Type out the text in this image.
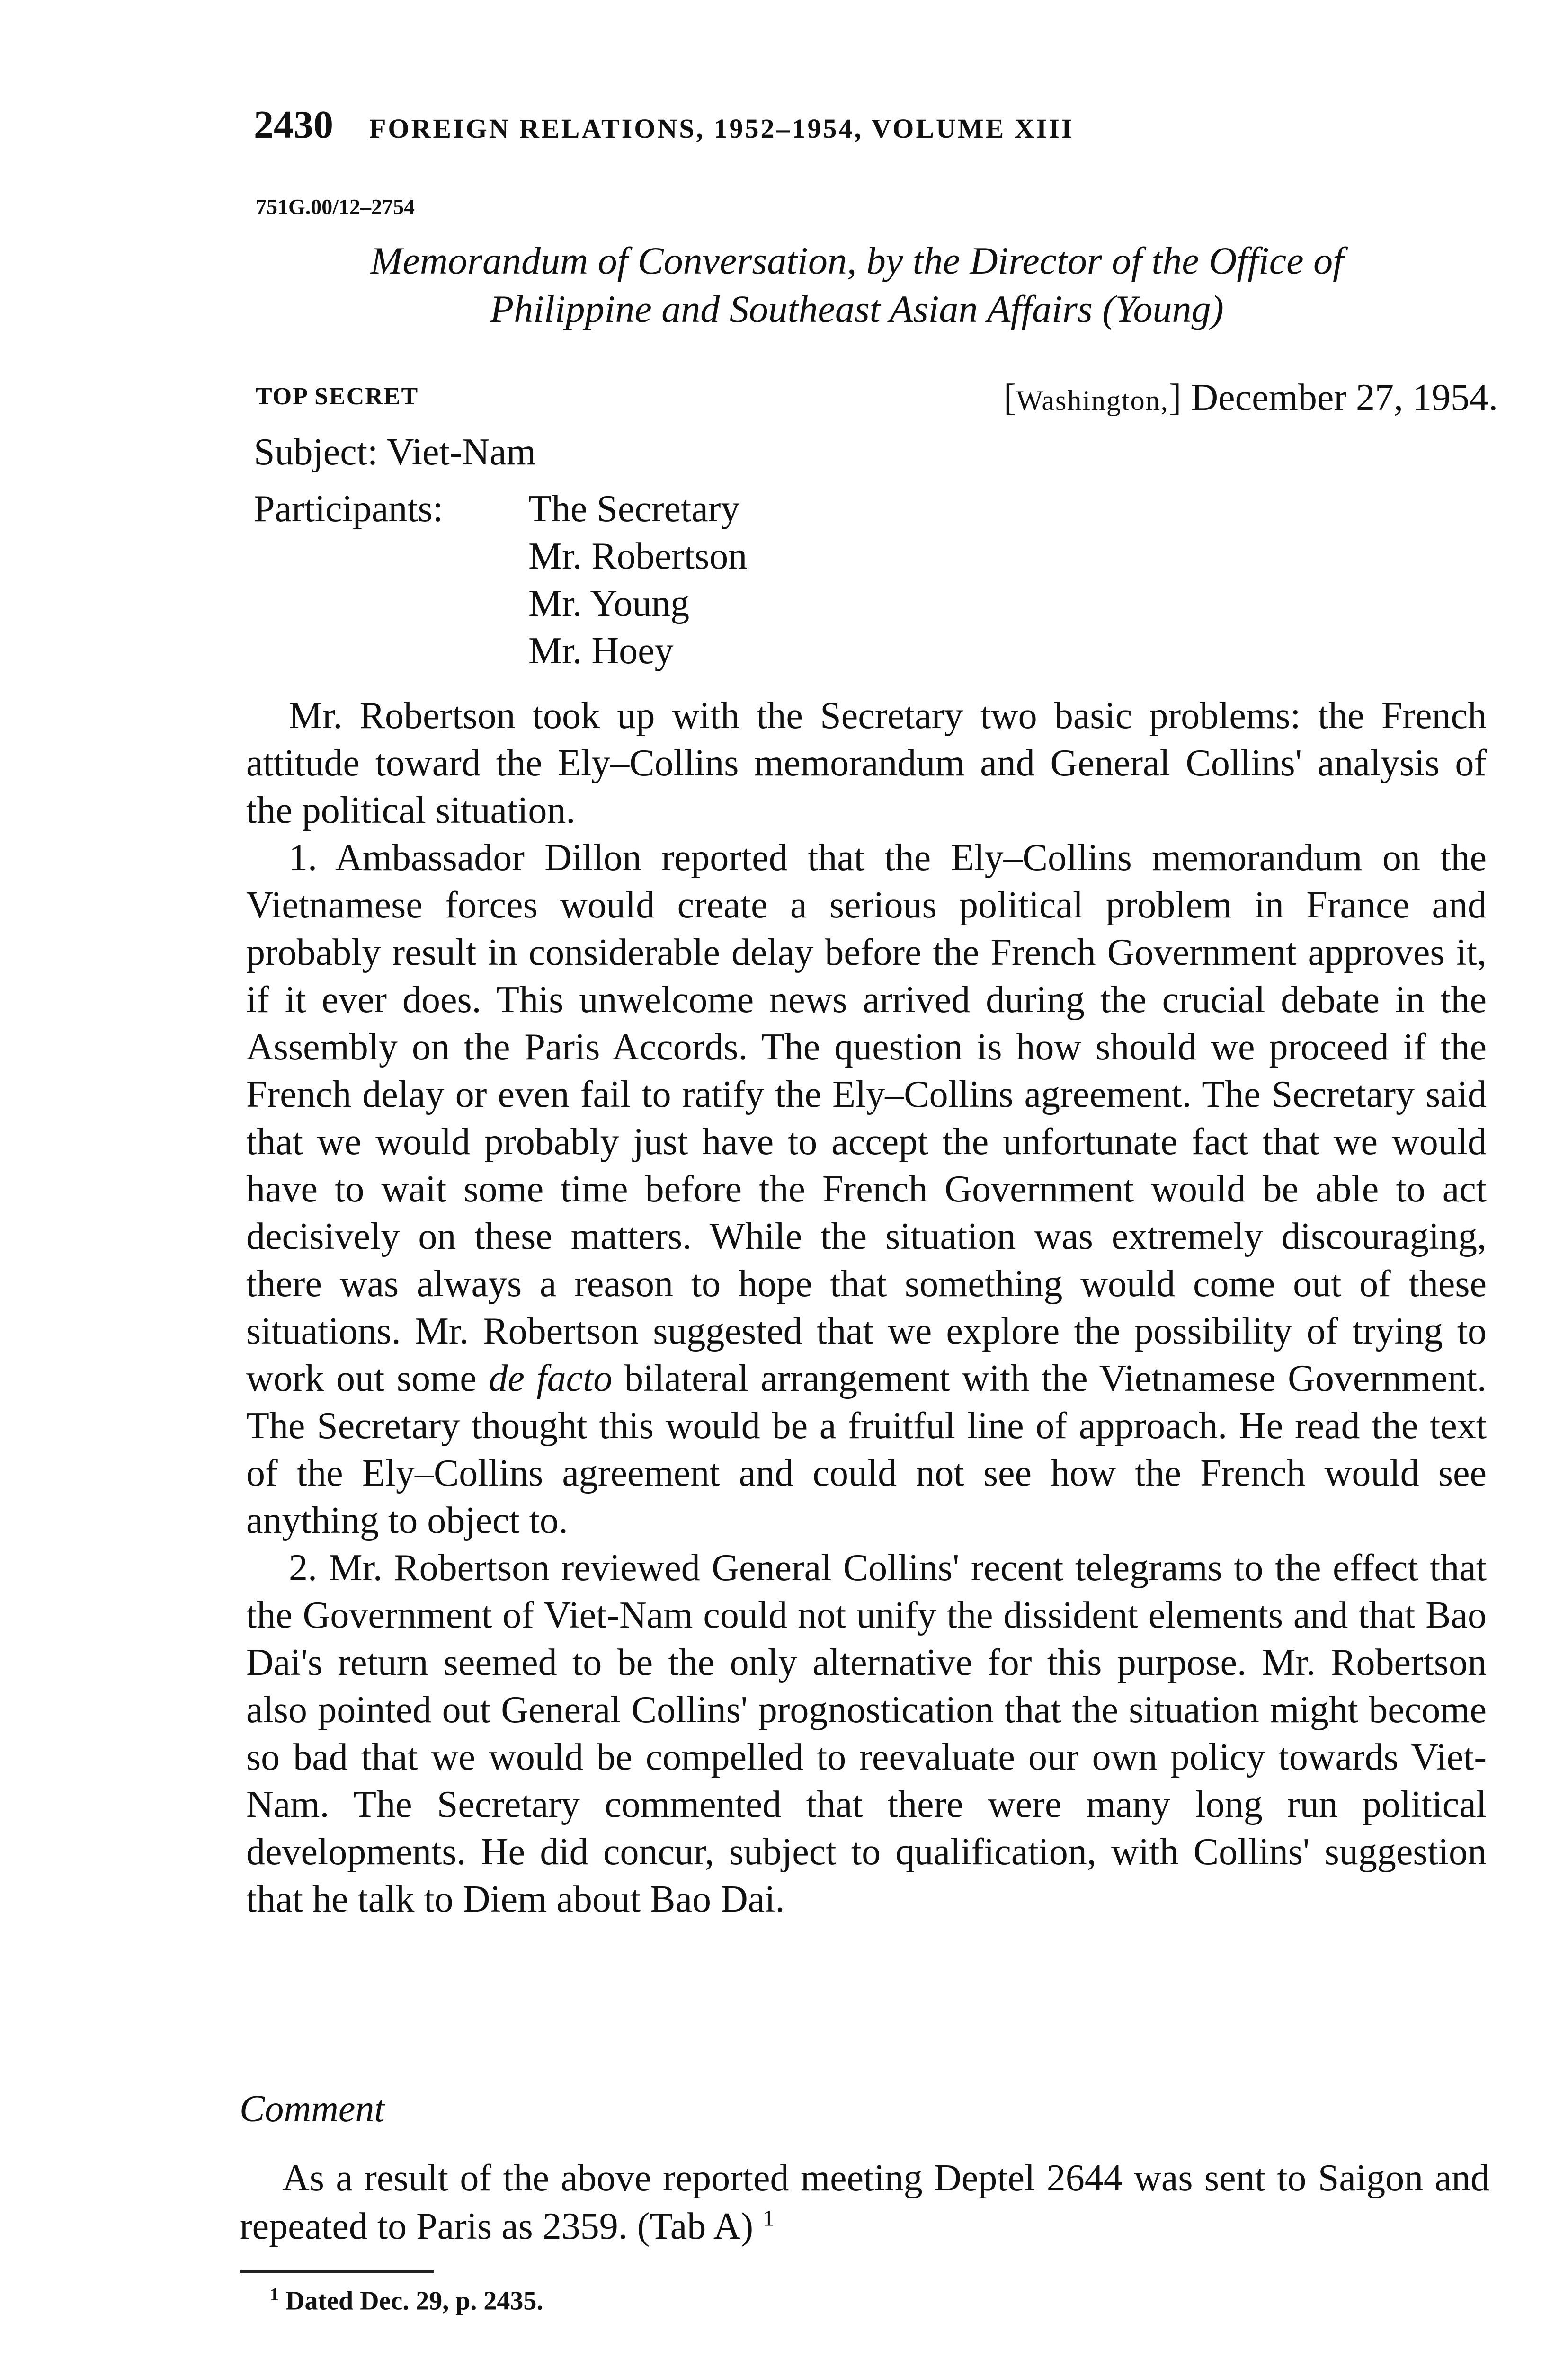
2430 FOREIGN RELATIONS, 1952–1954, VOLUME XIII
751G.00/12–2754
Memorandum of Conversation, by the Director of the Office of
Philippine and Southeast Asian Affairs (Young)
TOP SECRET	[Washington,] December 27, 1954.
Subject: Viet-Nam
Participants: The Secretary
Mr. Robertson
Mr. Young
Mr. Hoey

Mr. Robertson took up with the Secretary two basic problems: the French attitude toward the Ely–Collins memorandum and General Collins' analysis of the political situation.

1. Ambassador Dillon reported that the Ely–Collins memorandum on the Vietnamese forces would create a serious political problem in France and probably result in considerable delay before the French Government approves it, if it ever does. This unwelcome news arrived during the crucial debate in the Assembly on the Paris Accords. The question is how should we proceed if the French delay or even fail to ratify the Ely–Collins agreement. The Secretary said that we would probably just have to accept the unfortunate fact that we would have to wait some time before the French Government would be able to act decisively on these matters. While the situation was extremely discouraging, there was always a reason to hope that something would come out of these situations. Mr. Robertson suggested that we explore the possibility of trying to work out some de facto bilateral arrangement with the Vietnamese Government. The Secretary thought this would be a fruitful line of approach. He read the text of the Ely–Collins agreement and could not see how the French would see anything to object to.

2. Mr. Robertson reviewed General Collins' recent telegrams to the effect that the Government of Viet-Nam could not unify the dissident elements and that Bao Dai's return seemed to be the only alternative for this purpose. Mr. Robertson also pointed out General Collins' prognostication that the situation might become so bad that we would be compelled to reevaluate our own policy towards Viet-Nam. The Secretary commented that there were many long run political developments. He did concur, subject to qualification, with Collins' suggestion that he talk to Diem about Bao Dai.

Comment

As a result of the above reported meeting Deptel 2644 was sent to Saigon and repeated to Paris as 2359. (Tab A) $^1$

$^1$ Dated Dec. 29, p. 2435.
